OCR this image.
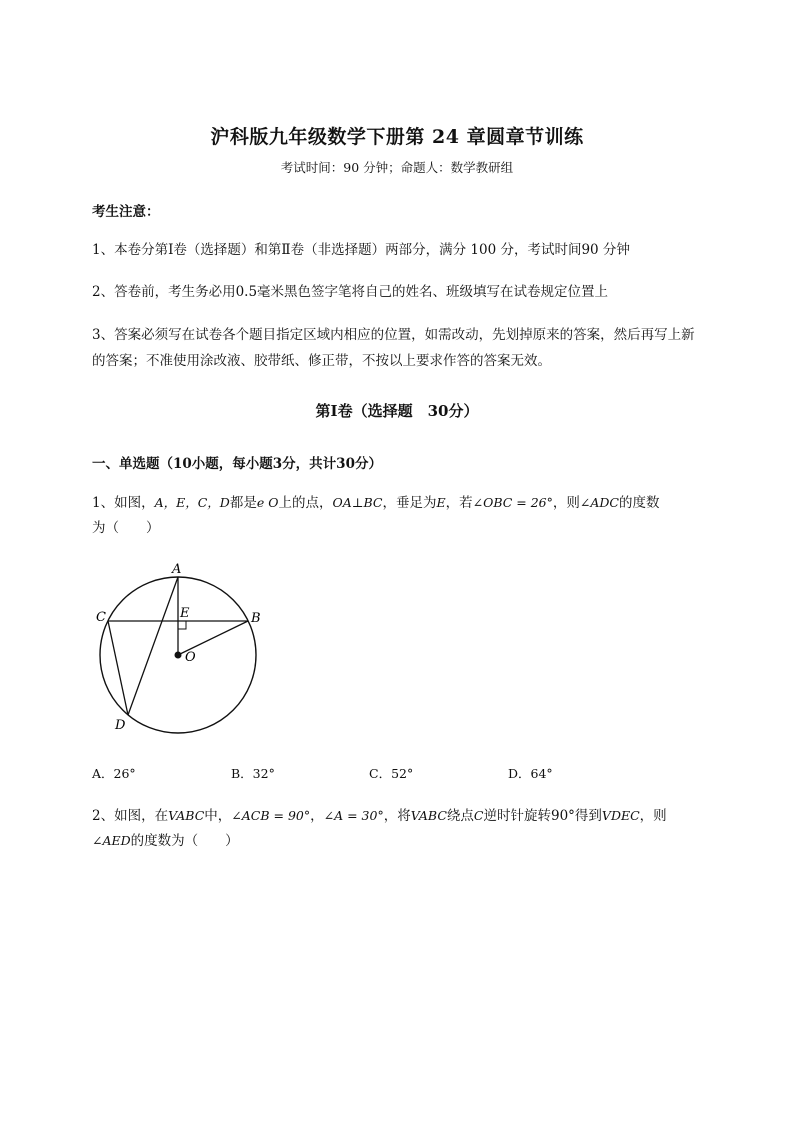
沪科版九年级数学下册第 24 章圆章节训练
考试时间：90 分钟；命题人：数学教研组
考生注意：
1、本卷分第Ⅰ卷（选择题）和第Ⅱ卷（非选择题）两部分，满分 100 分，考试时间90 分钟
2、答卷前，考生务必用0.5毫米黑色签字笔将自己的姓名、班级填写在试卷规定位置上
3、答案必须写在试卷各个题目指定区域内相应的位置，如需改动，先划掉原来的答案，然后再写上新
的答案；不准使用涂改液、胶带纸、修正带，不按以上要求作答的答案无效。
第Ⅰ卷（选择题　30分）
一、单选题（10小题，每小题3分，共计30分）
1、如图，A，E，C，D都是e O上的点，OA⊥BC，垂足为E，若∠OBC = 26°，则∠ADC的度数
为（　　）
A
B
C
D
E
O
A．26°	B．32°	C．52°	D．64°
2、如图，在VABC中，∠ACB = 90°，∠A = 30°，将VABC绕点C逆时针旋转90°得到VDEC，则
∠AED的度数为（　　）
